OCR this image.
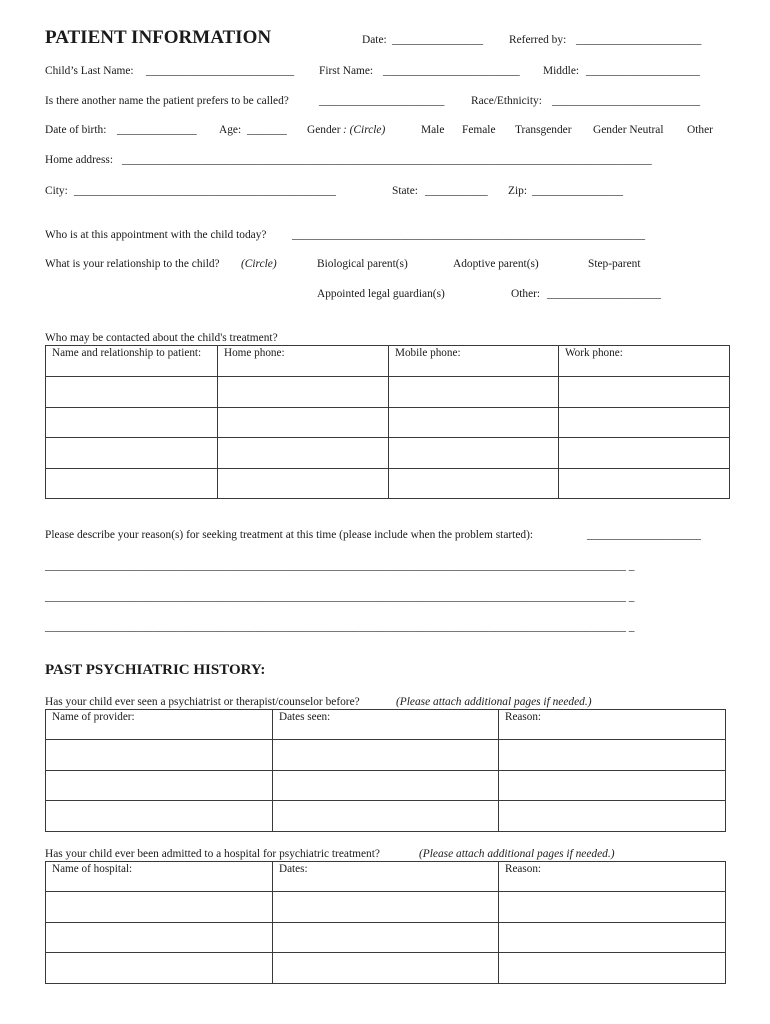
PATIENT INFORMATION	Date: ________________ Referred by: ______________________
Child’s Last Name: __________________________ First Name: ________________________ Middle: ____________________
Is there another name the patient prefers to be called?	______________________ Race/Ethnicity: __________________________
Date of birth: ______________ Age: _______ Gender : (Circle)	Male Female Transgender Gender Neutral Other
Home address: _____________________________________________________________________________________________
City: ______________________________________________	State: ___________ Zip: ________________
Who is at this appointment with the child today? ______________________________________________________________
What is your relationship to the child? (Circle)	Biological parent(s)	Adoptive parent(s)	Step-parent
Appointed legal guardian(s)	Other: ____________________
Who may be contacted about the child's treatment?
Name and relationship to patient:	Home phone:	Mobile phone:	Work phone:

Please describe your reason(s) for seeking treatment at this time (please include when the problem started):	____________________
______________________________________________________________________________________________________ _
______________________________________________________________________________________________________ _
______________________________________________________________________________________________________ _
PAST PSYCHIATRIC HISTORY:
Has your child ever seen a psychiatrist or therapist/counselor before?	(Please attach additional pages if needed.)
Name of provider:	Dates seen:	Reason:

Has your child ever been admitted to a hospital for psychiatric treatment?	(Please attach additional pages if needed.)
Name of hospital:	Dates:	Reason:
